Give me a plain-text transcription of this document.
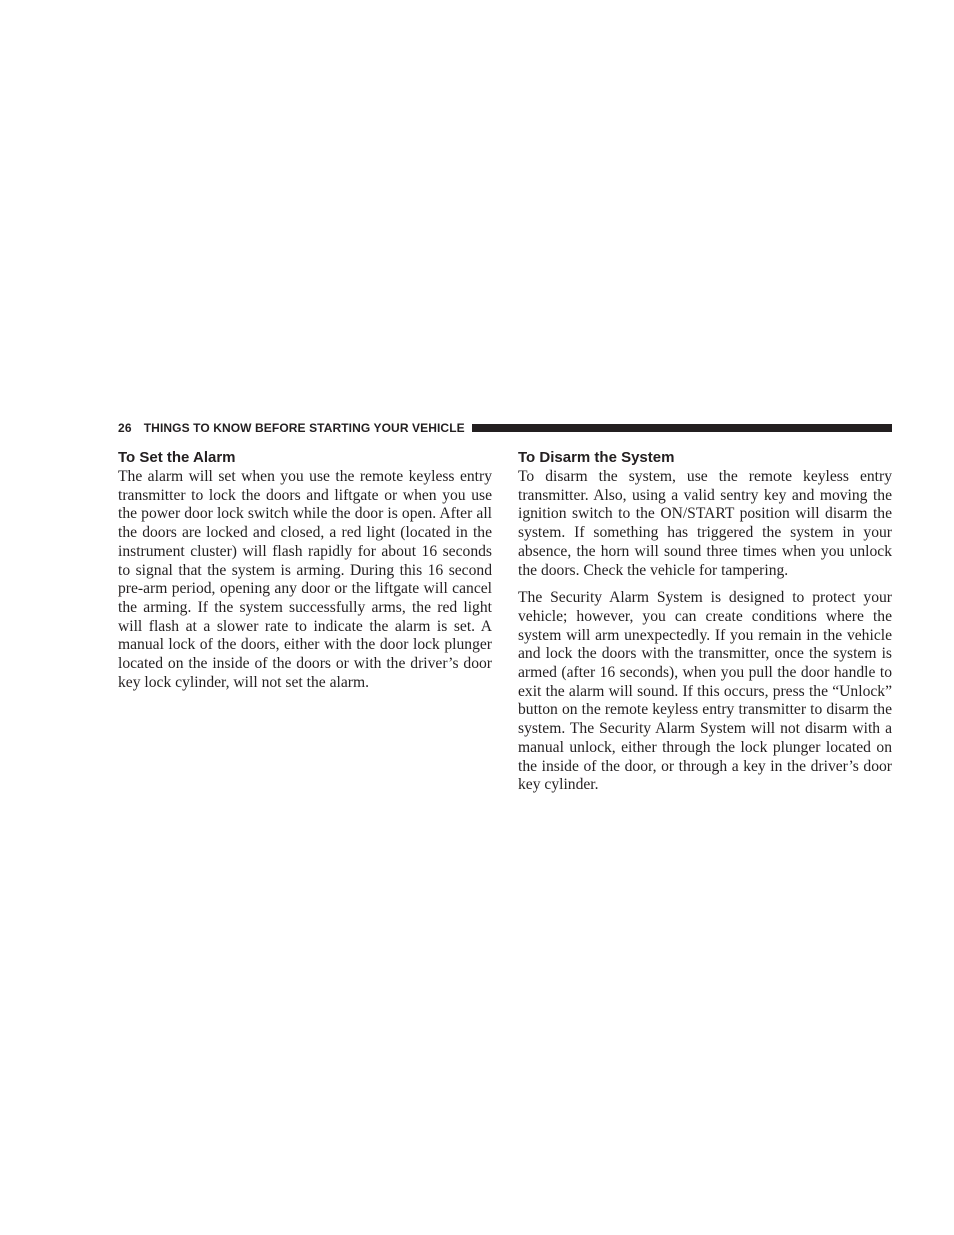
26 THINGS TO KNOW BEFORE STARTING YOUR VEHICLE
To Set the Alarm

The alarm will set when you use the remote keyless entry transmitter to lock the doors and liftgate or when you use the power door lock switch while the door is open. After all the doors are locked and closed, a red light (located in the instrument cluster) will flash rapidly for about 16 seconds to signal that the system is arming. During this 16 second pre-arm period, opening any door or the liftgate will cancel the arming. If the system successfully arms, the red light will flash at a slower rate to indicate the alarm is set. A manual lock of the doors, either with the door lock plunger located on the inside of the doors or with the driver’s door key lock cylinder, will not set the alarm.

To Disarm the System

To disarm the system, use the remote keyless entry transmitter. Also, using a valid sentry key and moving the ignition switch to the ON/START position will disarm the system. If something has triggered the system in your absence, the horn will sound three times when you unlock the doors. Check the vehicle for tampering.

The Security Alarm System is designed to protect your vehicle; however, you can create conditions where the system will arm unexpectedly. If you remain in the vehicle and lock the doors with the transmitter, once the system is armed (after 16 seconds), when you pull the door handle to exit the alarm will sound. If this occurs, press the “Unlock” button on the remote keyless entry transmitter to disarm the system. The Security Alarm System will not disarm with a manual unlock, either through the lock plunger located on the inside of the door, or through a key in the driver’s door key cylinder.
